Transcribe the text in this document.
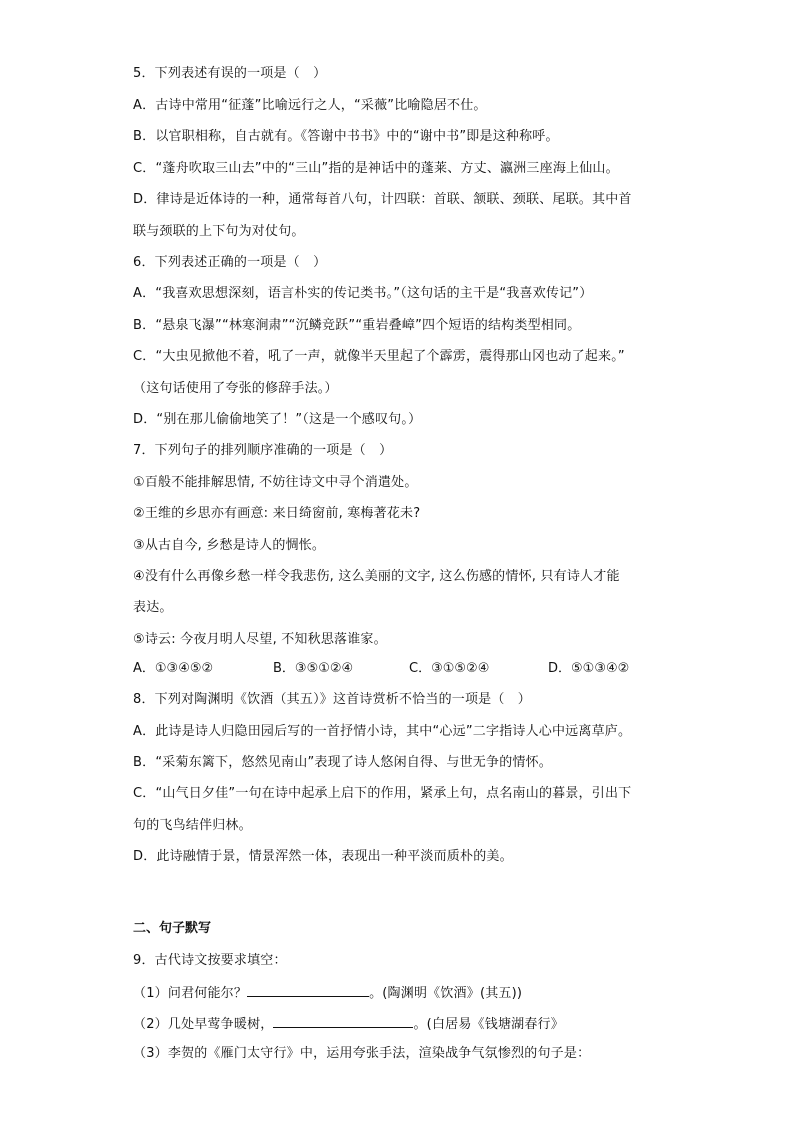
5．下列表述有误的一项是（　）
A．古诗中常用“征蓬”比喻远行之人，“采薇”比喻隐居不仕。
B．以官职相称，自古就有。《答谢中书书》中的“谢中书”即是这种称呼。
C．“蓬舟吹取三山去”中的“三山”指的是神话中的蓬莱、方丈、瀛洲三座海上仙山。
D．律诗是近体诗的一种，通常每首八句，计四联：首联、颔联、颈联、尾联。其中首
联与颈联的上下句为对仗句。
6．下列表述正确的一项是（　）
A．“我喜欢思想深刻，语言朴实的传记类书。”（这句话的主干是“我喜欢传记”）
B．“悬泉飞瀑”“林寒涧肃”“沉鳞竞跃”“重岩叠嶂”四个短语的结构类型相同。
C．“大虫见掀他不着，吼了一声，就像半天里起了个霹雳，震得那山冈也动了起来。”
（这句话使用了夸张的修辞手法。）
D．“别在那儿偷偷地笑了！”（这是一个感叹句。）
7．下列句子的排列顺序准确的一项是（　）
①百般不能排解思情, 不妨往诗文中寻个消遣处。
②王维的乡思亦有画意: 来日绮窗前, 寒梅著花未?
③从古自今, 乡愁是诗人的惆怅。
④没有什么再像乡愁一样令我悲伤, 这么美丽的文字, 这么伤感的情怀, 只有诗人才能
表达。
⑤诗云: 今夜月明人尽望, 不知秋思落谁家。
A．①③④⑤②	B．③⑤①②④	C．③①⑤②④	D．⑤①③④②
8．下列对陶渊明《饮酒（其五）》这首诗赏析不恰当的一项是（　）
A．此诗是诗人归隐田园后写的一首抒情小诗，其中“心远”二字指诗人心中远离草庐。
B．“采菊东篱下，悠然见南山”表现了诗人悠闲自得、与世无争的情怀。
C．“山气日夕佳”一句在诗中起承上启下的作用，紧承上句，点名南山的暮景，引出下
句的飞鸟结伴归林。
D．此诗融情于景，情景浑然一体，表现出一种平淡而质朴的美。
二、句子默写
9．古代诗文按要求填空：
（1）问君何能尔？	。(陶渊明《饮酒》(其五))
（2）几处早莺争暖树，	。(白居易《钱塘湖春行》
（3）李贺的《雁门太守行》中，运用夸张手法，渲染战争气氛惨烈的句子是：
